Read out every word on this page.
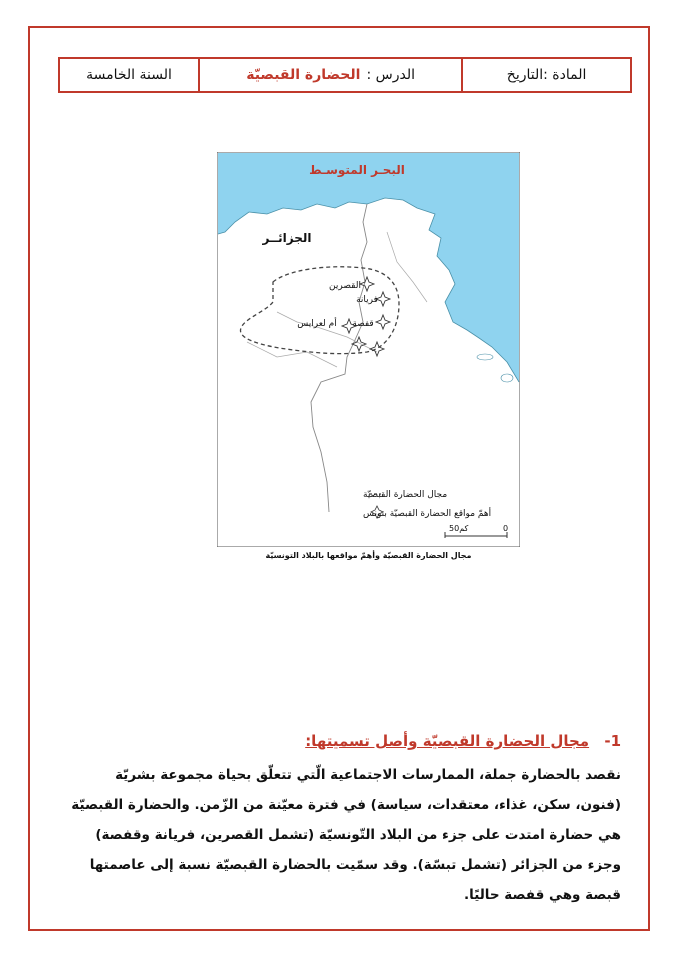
المادة :التاريخ
الدرس :
الحضارة القبصيّة
السنة الخامسة
البحـر المتوسـط
الجزائــر
القصرين
فريانة
قفصة
أم لعرايس
مجال الحضارة القبصيّة
أهمّ مواقع الحضارة القبصيّة بتونس
50كم	0
مجال الحضارة القبصيّة وأهمّ مواقعها بالبلاد التونسيّة
1- مجال الحضارة القبصيّة وأصل تسميتها:
نقصد بالحضارة جملة، الممارسات الاجتماعية الّتي تتعلّق بحياة مجموعة بشريّة
(فنون، سكن، غذاء، معتقدات، سياسة) في فترة معيّنة من الزّمن. والحضارة القبصيّة
هي حضارة امتدت على جزء من البلاد التّونسيّة (تشمل القصرين، فريانة وقفصة)
وجزء من الجزائر (تشمل تبسّة). وقد سمّيت بالحضارة القبصيّة نسبة إلى عاصمتها
قبصة وهي قفصة حاليًا.
